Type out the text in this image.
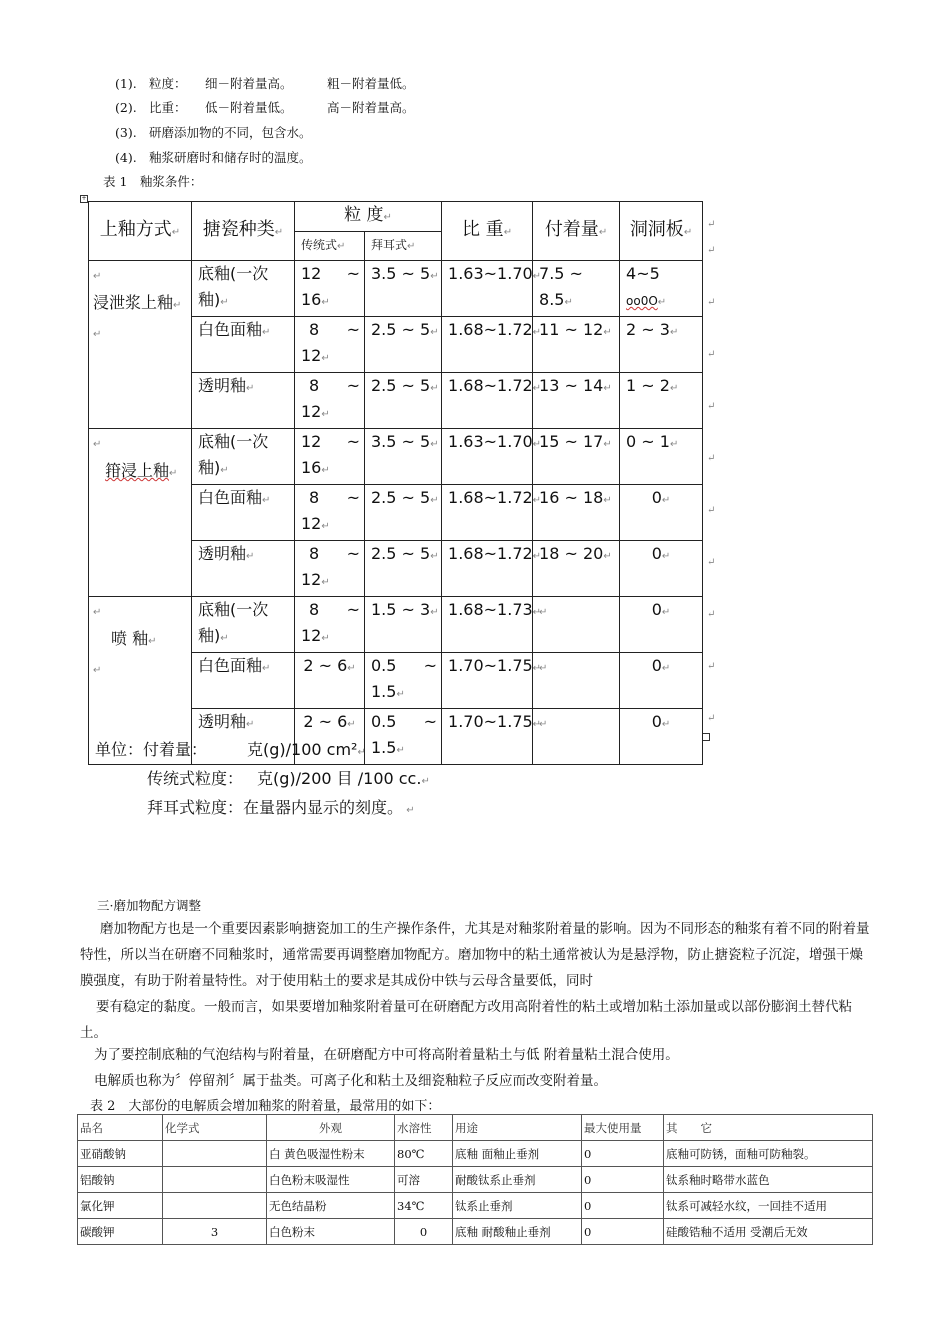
(1). 粒度： 细－附着量高。	粗－附着量低。
(2). 比重： 低－附着量低。	高－附着量高。
(3). 研磨添加物的不同，包含水。
(4). 釉浆研磨时和储存时的温度。
表 1　釉浆条件：
+
上釉方式↵	搪瓷种类↵	粒 度↵		比 重↵	付着量↵	洞洞板↵
		传统式↵	拜耳式↵			
↵
浸泄浆上釉↵
↵	底釉(一次釉)↵	12 ~

16↵	3.5 ~ 5↵	1.63~1.70↵	7.5 ~ 8.5↵	4~5
oo0O↵
	白色面釉↵	8 ~

12↵	2.5 ~ 5↵	1.68~1.72↵	11 ~ 12↵	2 ~ 3↵
	透明釉↵	8 ~

12↵	2.5 ~ 5↵	1.68~1.72↵	13 ~ 14↵	1 ~ 2↵
↵
箝浸上釉↵	底釉(一次釉)↵	12 ~

16↵	3.5 ~ 5↵	1.63~1.70↵	15 ~ 17↵	0 ~ 1↵
	白色面釉↵	8 ~

12↵	2.5 ~ 5↵	1.68~1.72↵	16 ~ 18↵	0↵
	透明釉↵	8 ~

12↵	2.5 ~ 5↵	1.68~1.72↵	18 ~ 20↵	0↵
↵
喷 釉↵
↵	底釉(一次釉)↵	8 ~

12↵	1.5 ~ 3↵	1.68~1.73↵	↵	0↵
	白色面釉↵	2 ~ 6↵	0.5 ~

1.5↵	1.70~1.75↵	↵	0↵
	透明釉↵	2 ~ 6↵	0.5 ~

1.5↵	1.70~1.75↵	↵	0↵
↵
↵

↵

↵

↵

↵

↵

↵

↵

↵

↵
单位：付着量： 克(g)/100 cm²↵
传统式粒度： 克(g)/200 目 /100 cc.↵
拜耳式粒度：在量器内显示的刻度。 ↵
三·磨加物配方调整
磨加物配方也是一个重要因素影响搪瓷加工的生产操作条件，尤其是对釉浆附着量的影响。因为不同形态的釉浆有着不同的附着量特性，所以当在研磨不同釉浆时，通常需要再调整磨加物配方。磨加物中的粘土通常被认为是悬浮物，防止搪瓷粒子沉淀，增强干燥膜强度，有助于附着量特性。对于使用粘土的要求是其成份中铁与云母含量要低，同时
要有稳定的黏度。一般而言，如果要增加釉浆附着量可在研磨配方改用高附着性的粘土或增加粘土添加量或以部份膨润土替代粘土。
为了要控制底釉的气泡结构与附着量，在研磨配方中可将高附着量粘土与低 附着量粘土混合使用。
电解质也称为〞停留剂〞属于盐类。可离子化和粘土及细瓷釉粒子反应而改变附着量。
表 2　大部份的电解质会增加釉浆的附着量，最常用的如下：
品名	化学式	外观	水溶性	用途	最大使用量	其　　它
亚硝酸钠		白 黄色吸湿性粉末	80℃	底釉 面釉止垂剂	0	底釉可防锈，面釉可防釉裂。
铝酸钠		白色粉末吸湿性	可溶	耐酸钛系止垂剂	0	钛系釉时略带水蓝色
氯化钾		无色结晶粉	34℃	钛系止垂剂	0	钛系可减轻水纹，一回挂不适用
碳酸钾	3	白色粉末	0	底釉 耐酸釉止垂剂	0	硅酸锆釉不适用 受潮后无效
